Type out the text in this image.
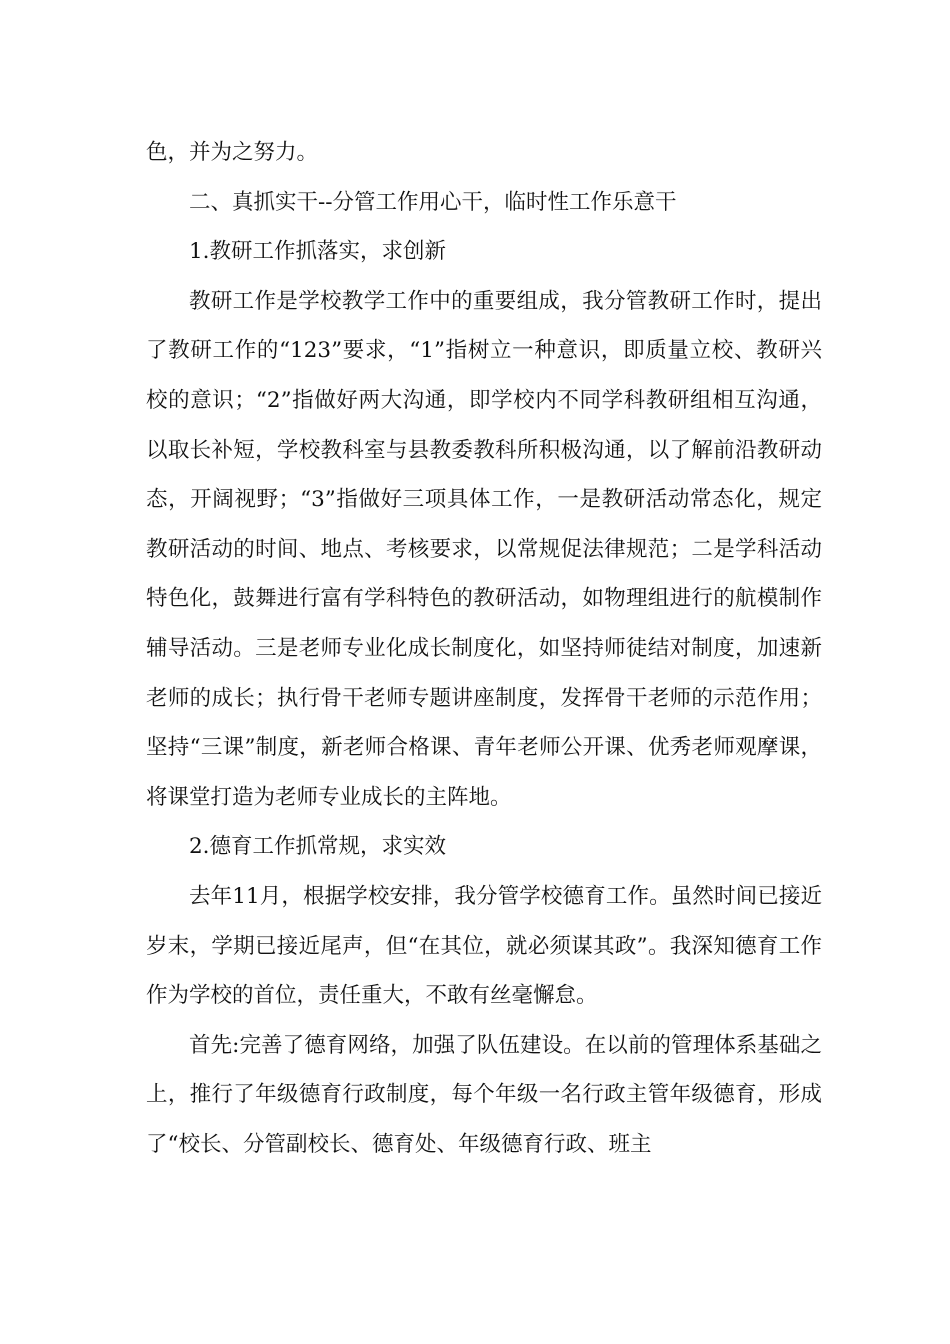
色，并为之努力。

二、真抓实干--分管工作用心干，临时性工作乐意干

1.教研工作抓落实，求创新

教研工作是学校教学工作中的重要组成，我分管教研工作时，提出了教研工作的“123”要求，“1”指树立一种意识，即质量立校、教研兴校的意识；“2”指做好两大沟通，即学校内不同学科教研组相互沟通，以取长补短，学校教科室与县教委教科所积极沟通，以了解前沿教研动态，开阔视野；“3”指做好三项具体工作，一是教研活动常态化，规定教研活动的时间、地点、考核要求，以常规促法律规范；二是学科活动特色化，鼓舞进行富有学科特色的教研活动，如物理组进行的航模制作辅导活动。三是老师专业化成长制度化，如坚持师徒结对制度，加速新老师的成长；执行骨干老师专题讲座制度，发挥骨干老师的示范作用；坚持“三课”制度，新老师合格课、青年老师公开课、优秀老师观摩课，将课堂打造为老师专业成长的主阵地。

2.德育工作抓常规，求实效

去年11月，根据学校安排，我分管学校德育工作。虽然时间已接近岁末，学期已接近尾声，但“在其位，就必须谋其政”。我深知德育工作作为学校的首位，责任重大，不敢有丝毫懈怠。

首先:完善了德育网络，加强了队伍建设。在以前的管理体系基础之上，推行了年级德育行政制度，每个年级一名行政主管年级德育，形成了“校长、分管副校长、德育处、年级德育行政、班主
